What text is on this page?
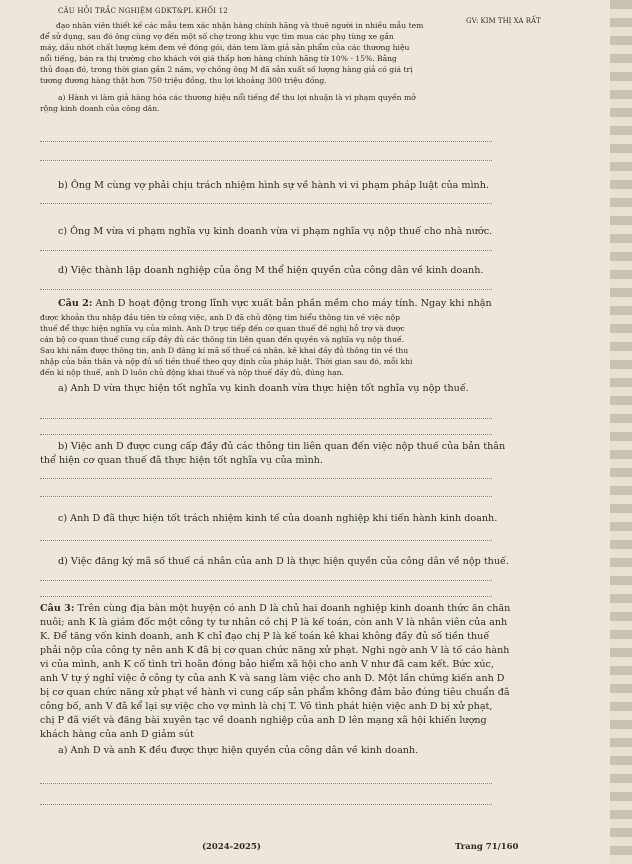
CÂU HỎI TRẮC NGHIỆM GDKT&PL KHỐI 12
GV: KIM THỊ XA RẤT
đạo nhân viên thiết kế các mẫu tem xác nhận hàng chính hãng và thuê người in nhiều mẫu tem
để sử dụng, sau đó ông cùng vợ đến một số chợ trong khu vực tìm mua các phụ tùng xe gắn
máy, dầu nhớt chất lượng kém đem về đóng gói, dán tem làm giả sản phẩm của các thương hiệu
nổi tiếng, bán ra thị trường cho khách với giá thấp hơn hàng chính hãng từ 10% - 15%. Bằng
thủ đoạn đó, trong thời gian gần 2 năm, vợ chồng ông M đã sản xuất số lượng hàng giả có giá trị
tương đương hàng thật hơn 750 triệu đồng, thu lợi khoảng 300 triệu đồng.
a) Hành vi làm giả hàng hóa các thương hiệu nổi tiếng để thu lợi nhuận là vi phạm quyền mở
rộng kinh doanh của công dân.
b) Ông M cùng vợ phải chịu trách nhiệm hình sự về hành vi vi phạm pháp luật của mình.
c) Ông M vừa vi phạm nghĩa vụ kinh doanh vừa vi phạm nghĩa vụ nộp thuế cho nhà nước.
d) Việc thành lập doanh nghiệp của ông M thể hiện quyền của công dân về kinh doanh.
Câu 2: Anh D hoạt động trong lĩnh vực xuất bản phần mềm cho máy tính. Ngay khi nhận
được khoản thu nhập đầu tiên từ công việc, anh D đã chủ động tìm hiểu thông tin về việc nộp
thuế để thực hiện nghĩa vụ của mình. Anh D trực tiếp đến cơ quan thuế đề nghị hỗ trợ và được
cán bộ cơ quan thuế cung cấp đầy đủ các thông tin liên quan đến quyền và nghĩa vụ nộp thuế.
Sau khi nắm được thông tin, anh D đăng kí mã số thuế cá nhân, kê khai đầy đủ thông tin về thu
nhập của bản thân và nộp đủ số tiền thuế theo quy định của pháp luật. Thời gian sau đó, mỗi khi
đến kì nộp thuế, anh D luôn chủ động khai thuế và nộp thuế đầy đủ, đúng hạn.
a) Anh D vừa thực hiện tốt nghĩa vụ kinh doanh vừa thực hiện tốt nghĩa vụ nộp thuế.
b) Việc anh D được cung cấp đầy đủ các thông tin liên quan đến việc nộp thuế của bản thân
thể hiện cơ quan thuế đã thực hiện tốt nghĩa vụ của mình.
c) Anh D đã thực hiện tốt trách nhiệm kinh tế của doanh nghiệp khi tiến hành kinh doanh.
d) Việc đăng ký mã số thuế cá nhân của anh D là thực hiện quyền của công dân về nộp thuế.
Câu 3: Trên cùng địa bàn một huyện có anh D là chủ hai doanh nghiệp kinh doanh thức ăn chăn
nuôi; anh K là giám đốc một công ty tư nhân có chị P là kế toán, còn anh V là nhân viên của anh
K. Để tăng vốn kinh doanh, anh K chỉ đạo chị P là kế toán kê khai không đầy đủ số tiền thuế
phải nộp của công ty nên anh K đã bị cơ quan chức năng xử phạt. Nghi ngờ anh V là tố cáo hành
vi của mình, anh K cố tình trì hoãn đóng bảo hiểm xã hội cho anh V như đã cam kết. Bức xúc,
anh V tự ý nghỉ việc ở công ty của anh K và sang làm việc cho anh D. Một lần chứng kiến anh D
bị cơ quan chức năng xử phạt về hành vi cung cấp sản phẩm không đảm bảo đúng tiêu chuẩn đã
công bố, anh V đã kể lại sự việc cho vợ mình là chị T. Vô tình phát hiện việc anh D bị xử phạt,
chị P đã viết và đăng bài xuyên tạc về doanh nghiệp của anh D lên mạng xã hội khiến lượng
khách hàng của anh D giảm sút
a) Anh D và anh K đều được thực hiện quyền của công dân về kinh doanh.
(2024-2025)	Trang 71/160
